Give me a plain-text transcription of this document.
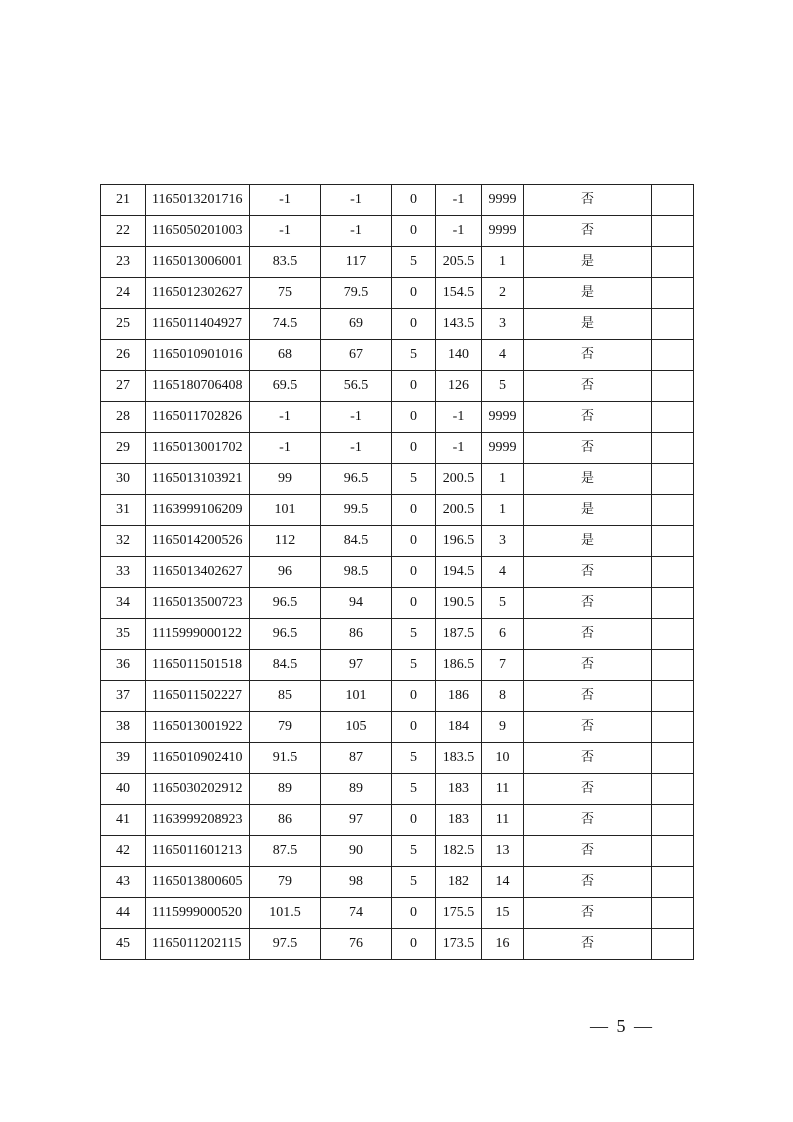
21	1165013201716	-1	-1	0	-1	9999	否	
22	1165050201003	-1	-1	0	-1	9999	否	
23	1165013006001	83.5	117	5	205.5	1	是	
24	1165012302627	75	79.5	0	154.5	2	是	
25	1165011404927	74.5	69	0	143.5	3	是	
26	1165010901016	68	67	5	140	4	否	
27	1165180706408	69.5	56.5	0	126	5	否	
28	1165011702826	-1	-1	0	-1	9999	否	
29	1165013001702	-1	-1	0	-1	9999	否	
30	1165013103921	99	96.5	5	200.5	1	是	
31	1163999106209	101	99.5	0	200.5	1	是	
32	1165014200526	112	84.5	0	196.5	3	是	
33	1165013402627	96	98.5	0	194.5	4	否	
34	1165013500723	96.5	94	0	190.5	5	否	
35	1115999000122	96.5	86	5	187.5	6	否	
36	1165011501518	84.5	97	5	186.5	7	否	
37	1165011502227	85	101	0	186	8	否	
38	1165013001922	79	105	0	184	9	否	
39	1165010902410	91.5	87	5	183.5	10	否	
40	1165030202912	89	89	5	183	11	否	
41	1163999208923	86	97	0	183	11	否	
42	1165011601213	87.5	90	5	182.5	13	否	
43	1165013800605	79	98	5	182	14	否	
44	1115999000520	101.5	74	0	175.5	15	否	
45	1165011202115	97.5	76	0	173.5	16	否	
— 5 —
